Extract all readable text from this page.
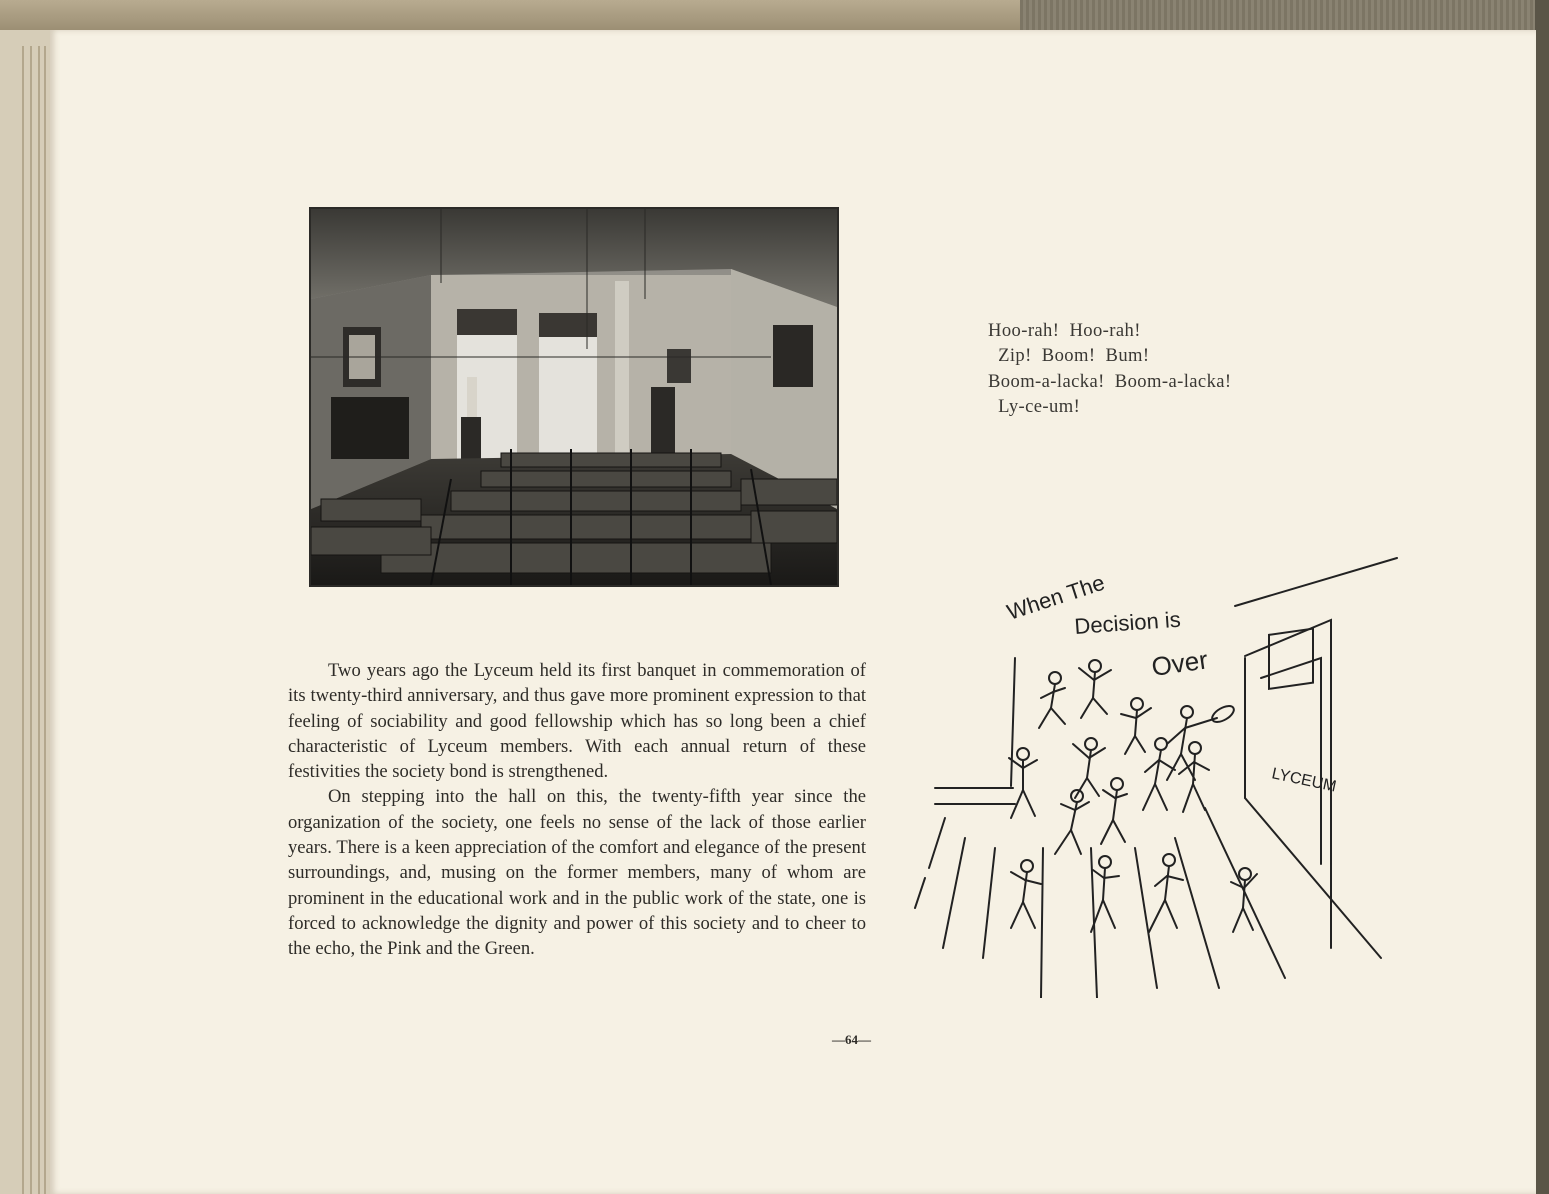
Hoo-rah!  Hoo-rah!
Zip!  Boom!  Bum!
Boom-a-lacka!  Boom-a-lacka!
Ly-ce-um!

Two years ago the Lyceum held its first banquet in commemoration of its twenty-third anniversary, and thus gave more prominent expression to that feeling of sociability and good fellowship which has so long been a chief characteristic of Lyceum members. With each annual return of these festivities the society bond is strengthened.

On stepping into the hall on this, the twenty-fifth year since the organization of the society, one feels no sense of the lack of those earlier years. There is a keen appreciation of the comfort and elegance of the present surroundings, and, musing on the former members, many of whom are prominent in the educational work and in the public work of the state, one is forced to acknowledge the dignity and power of this society and to cheer to the echo, the Pink and the Green.

—64—
When The
Decision is
Over
LYCEUM
